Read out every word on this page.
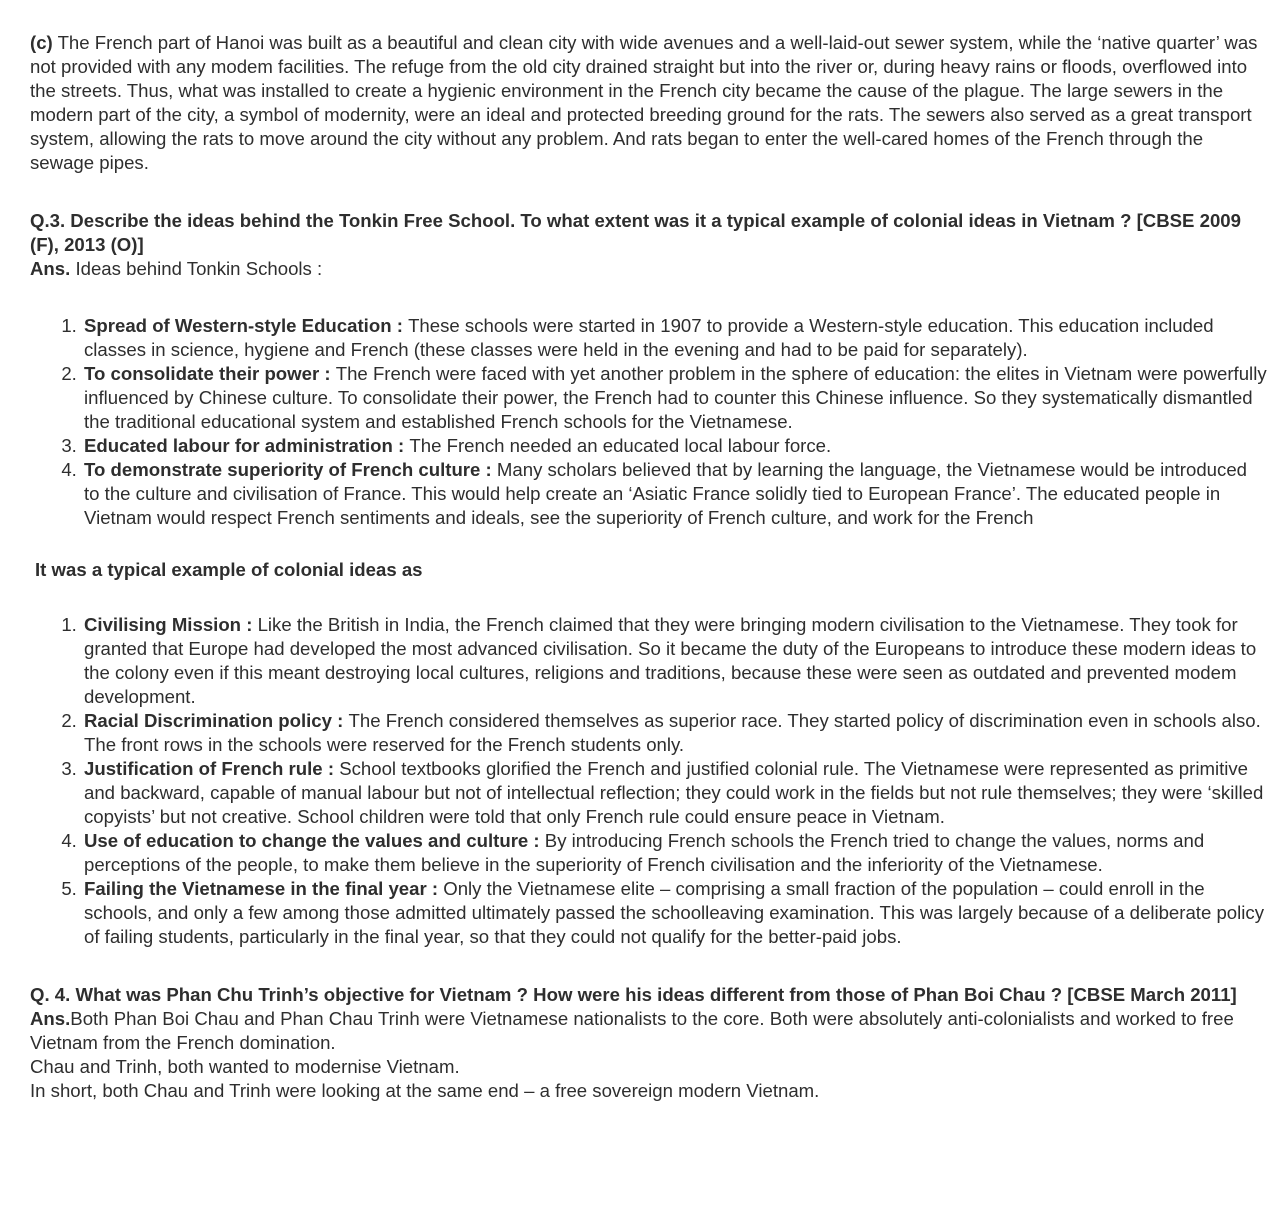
(c) The French part of Hanoi was built as a beautiful and clean city with wide avenues and a well-laid-out sewer system, while the ‘native quarter’ was not provided with any modem facilities. The refuge from the old city drained straight but into the river or, during heavy rains or floods, overflowed into the streets. Thus, what was installed to create a hygienic environment in the French city became the cause of the plague. The large sewers in the modern part of the city, a symbol of modernity, were an ideal and protected breeding ground for the rats. The sewers also served as a great transport system, allowing the rats to move around the city without any problem. And rats began to enter the well-cared homes of the French through the sewage pipes.

Q.3. Describe the ideas behind the Tonkin Free School. To what extent was it a typical example of colonial ideas in Vietnam ? [CBSE 2009 (F), 2013 (O)]

Ans. Ideas behind Tonkin Schools :

1. Spread of Western-style Education : These schools were started in 1907 to provide a Western-style education. This education included classes in science, hygiene and French (these classes were held in the evening and had to be paid for separately).
2. To consolidate their power : The French were faced with yet another problem in the sphere of education: the elites in Vietnam were powerfully influenced by Chinese culture. To consolidate their power, the French had to counter this Chinese influence. So they systematically dismantled the traditional educational system and established French schools for the Vietnamese.
3. Educated labour for administration : The French needed an educated local labour force.
4. To demonstrate superiority of French culture : Many scholars believed that by learning the language, the Vietnamese would be introduced to the culture and civilisation of France. This would help create an ‘Asiatic France solidly tied to European France’. The educated people in Vietnam would respect French sentiments and ideals, see the superiority of French culture, and work for the French

It was a typical example of colonial ideas as

1. Civilising Mission : Like the British in India, the French claimed that they were bringing modern civilisation to the Vietnamese. They took for granted that Europe had developed the most advanced civilisation. So it became the duty of the Europeans to introduce these modern ideas to the colony even if this meant destroying local cultures, religions and traditions, because these were seen as outdated and prevented modem development.
2. Racial Discrimination policy : The French considered themselves as superior race. They started policy of discrimination even in schools also. The front rows in the schools were reserved for the French students only.
3. Justification of French rule : School textbooks glorified the French and justified colonial rule. The Vietnamese were represented as primitive and backward, capable of manual labour but not of intellectual reflection; they could work in the fields but not rule themselves; they were ‘skilled copyists’ but not creative. School children were told that only French rule could ensure peace in Vietnam.
4. Use of education to change the values and culture : By introducing French schools the French tried to change the values, norms and perceptions of the people, to make them believe in the superiority of French civilisation and the inferiority of the Vietnamese.
5. Failing the Vietnamese in the final year : Only the Vietnamese elite – comprising a small fraction of the population – could enroll in the schools, and only a few among those admitted ultimately passed the schoolleaving examination. This was largely because of a deliberate policy of failing students, particularly in the final year, so that they could not qualify for the better-paid jobs.

Q. 4. What was Phan Chu Trinh’s objective for Vietnam ? How were his ideas different from those of Phan Boi Chau ? [CBSE March 2011]

Ans.Both Phan Boi Chau and Phan Chau Trinh were Vietnamese nationalists to the core. Both were absolutely anti-colonialists and worked to free Vietnam from the French domination.

Chau and Trinh, both wanted to modernise Vietnam.

In short, both Chau and Trinh were looking at the same end – a free sovereign modern Vietnam.
